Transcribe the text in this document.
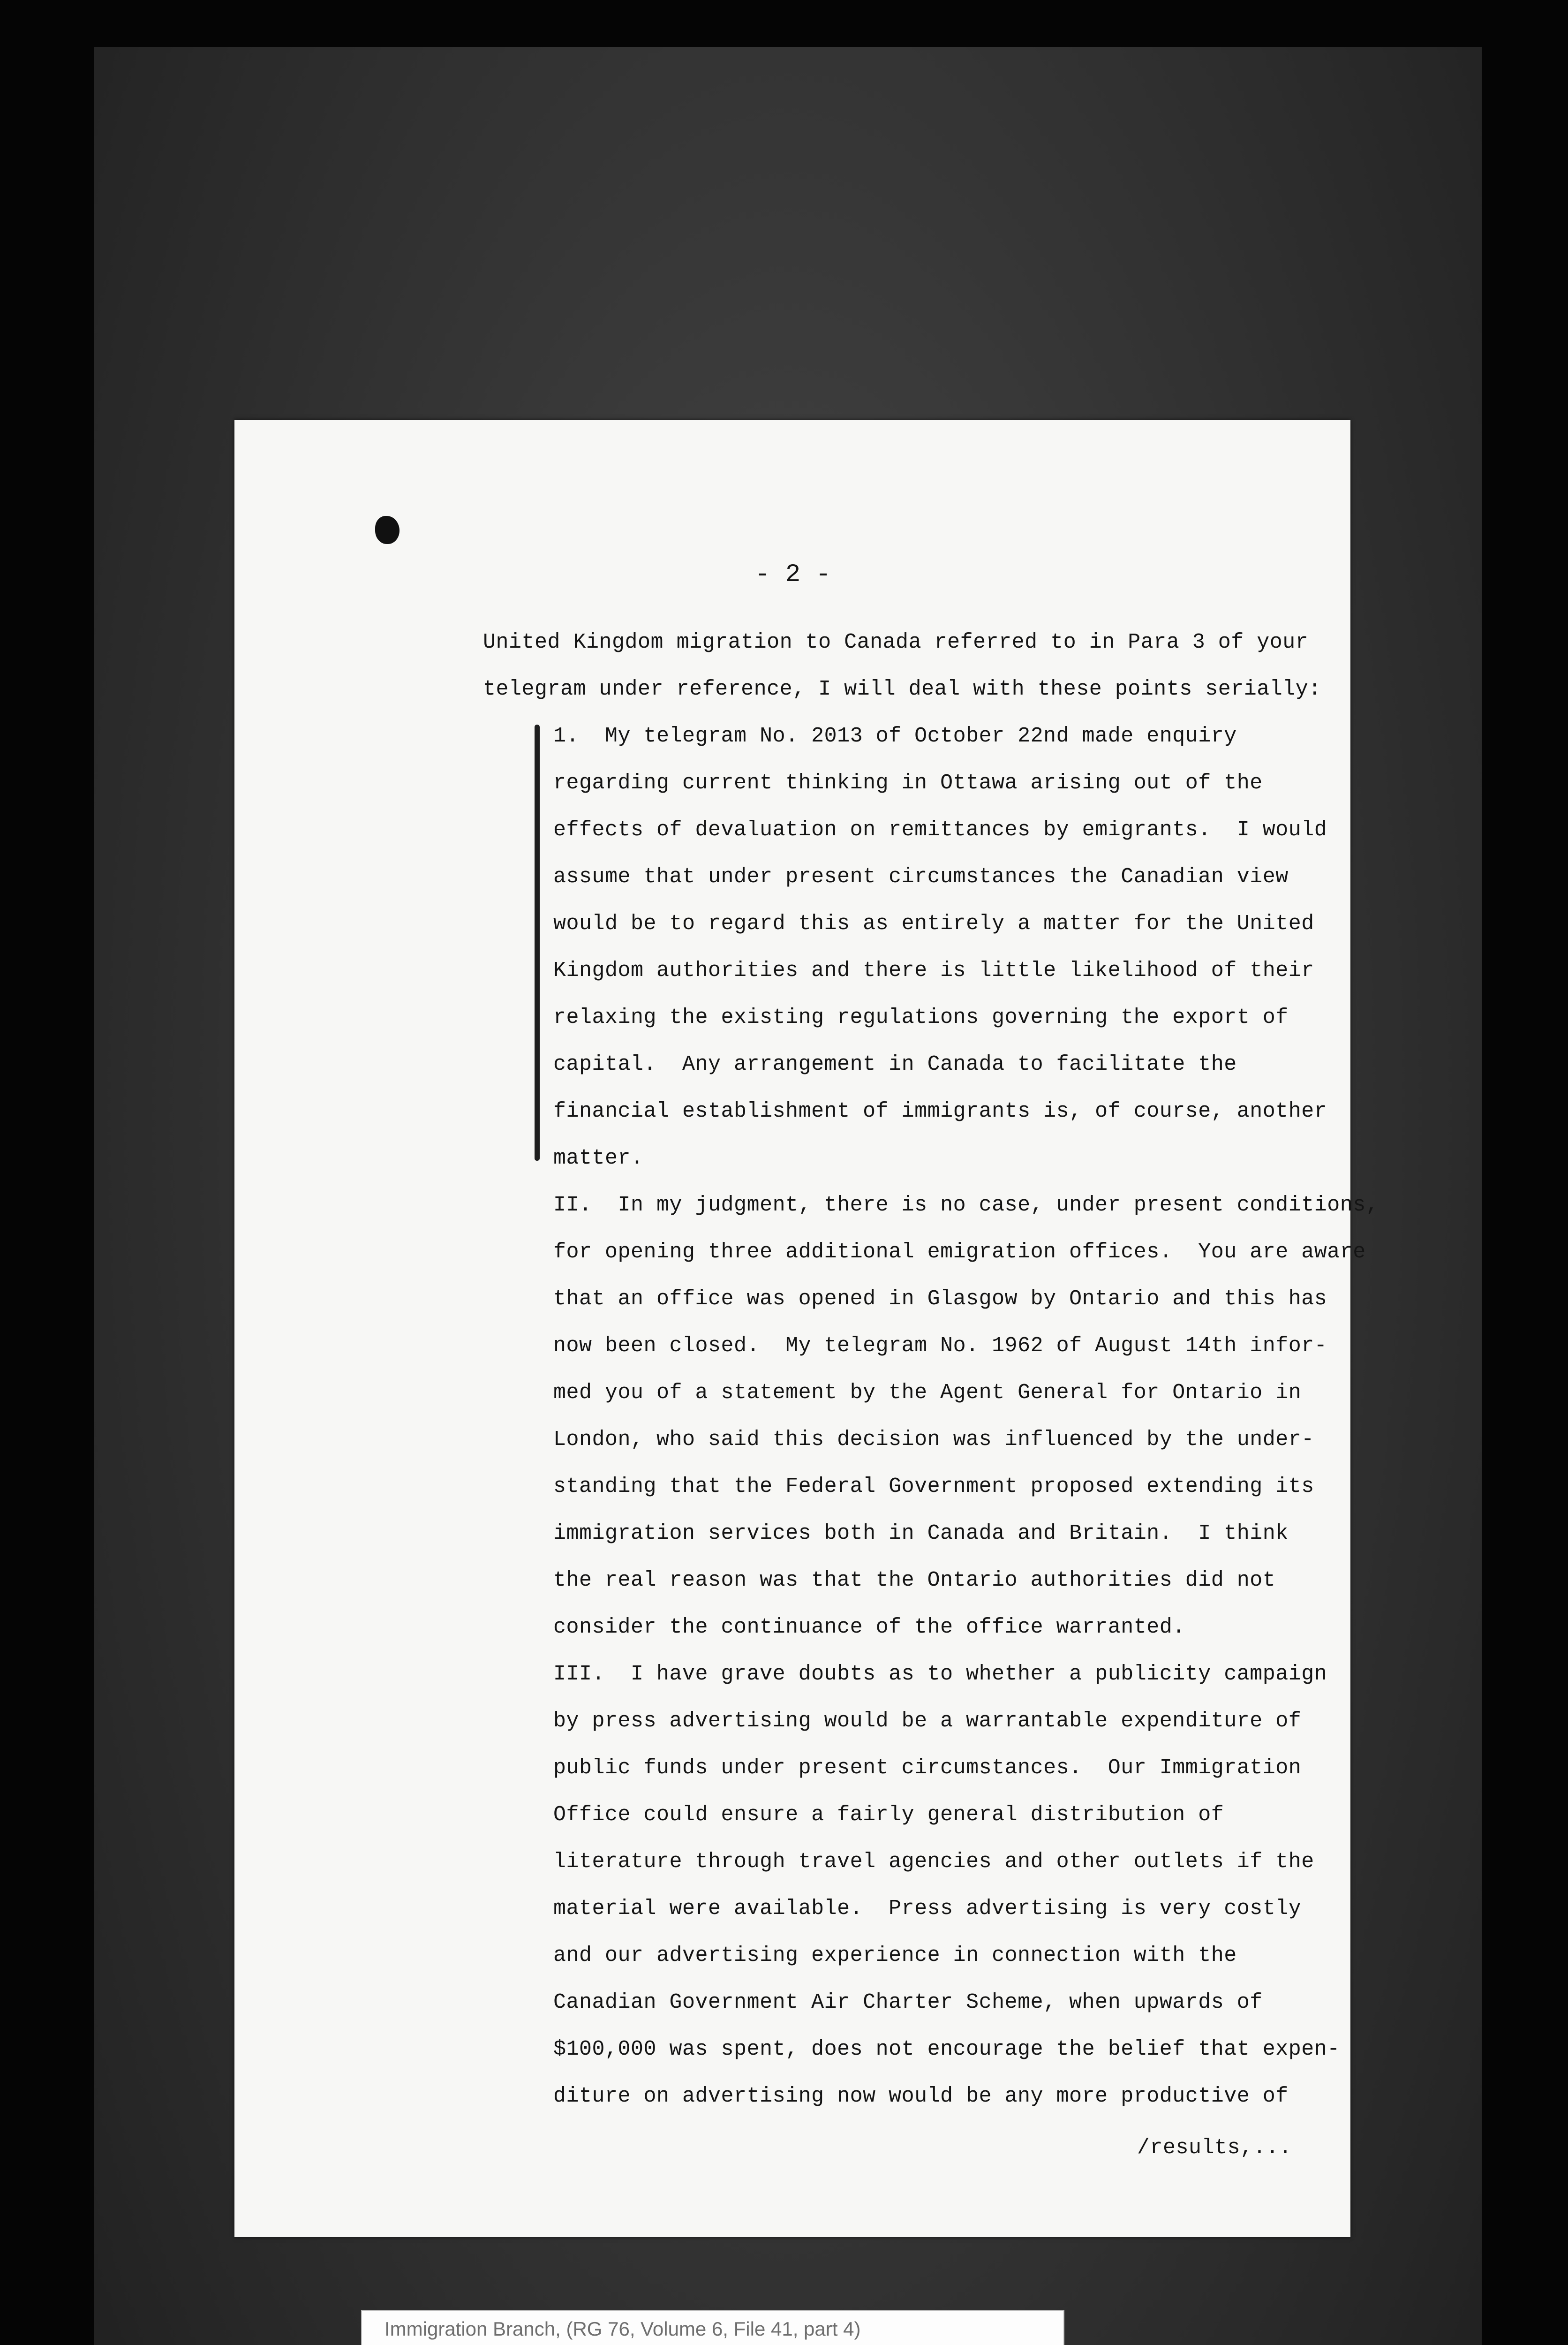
- 2 -
United Kingdom migration to Canada referred to in Para 3 of your
telegram under reference, I will deal with these points serially:
1.  My telegram No. 2013 of October 22nd made enquiry
regarding current thinking in Ottawa arising out of the
effects of devaluation on remittances by emigrants.  I would
assume that under present circumstances the Canadian view
would be to regard this as entirely a matter for the United
Kingdom authorities and there is little likelihood of their
relaxing the existing regulations governing the export of
capital.  Any arrangement in Canada to facilitate the
financial establishment of immigrants is, of course, another
matter.
II.  In my judgment, there is no case, under present conditions,
for opening three additional emigration offices.  You are aware
that an office was opened in Glasgow by Ontario and this has
now been closed.  My telegram No. 1962 of August 14th infor-
med you of a statement by the Agent General for Ontario in
London, who said this decision was influenced by the under-
standing that the Federal Government proposed extending its
immigration services both in Canada and Britain.  I think
the real reason was that the Ontario authorities did not
consider the continuance of the office warranted.
III.  I have grave doubts as to whether a publicity campaign
by press advertising would be a warrantable expenditure of
public funds under present circumstances.  Our Immigration
Office could ensure a fairly general distribution of
literature through travel agencies and other outlets if the
material were available.  Press advertising is very costly
and our advertising experience in connection with the
Canadian Government Air Charter Scheme, when upwards of
$100,000 was spent, does not encourage the belief that expen-
diture on advertising now would be any more productive of
/results,...
Immigration Branch, (RG 76, Volume 6, File 41, part 4)
